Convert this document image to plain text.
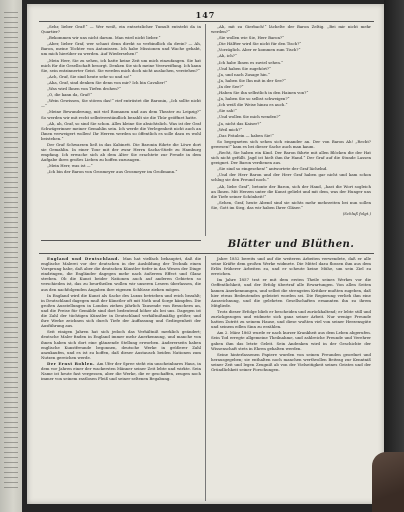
147

„Sehr, lieber Graf!“ — Wer weiß, ein entsetzlicher Tumult entsteht da in Quartier?

„Bekommen wir uns nicht darum. Man wird nicht lieber.“

„Aber, lieber Graf, wer schaut denn direkt so verbindlich da drein? — Ah, Baron, meine Töchter von Antonissen. Ich habe Missionen und Wache gehabt, um mich hierüber zu werden. Auf Wiedersehen!“

„Mein Herr, Sie zu sehen, ich hatte keine Zeit um mich einzufangen. Sie hat mich für die Gesellschaft besorgt. Denken Sie sich meine Verzweiflung. Ich kann Sie, sein entzinnerter Geist. Sie werden mich doch nicht auslachen, verstehen?“

„Ach, Graf, Sie sind heute sehr so und so!“

„Aha, Graf, sind denken Sie denn von mir? Ich bin Cavalier!“

„Was wird Ihnen von Tiefen drohen?“

„O, die kann da, Graf!“

„Wein Gewissen, Sie stören das!“ rief entrüstet die Baronin, „Ich sollte nicht —“

„Meine Bewunderung, mit viel Romanen und aus dem Theater zu Leipzig?“ So werden wir mit recht selbstverständlich bezahlt sie die Thür geöffnet hatte.

„Ah, ah, Graf, so sind Sie schon. Alles kleine Sie absichtslich. Was ist der Graf Schwägerinner meiner Gemahlin sein. Ich werde die Verlegenheit nicht auch an Ihnen verweigert wollen! Ihr Herren werden so öffentlich es solle dazu es wohl beistehen.“

Der Graf Schwarzen ließ in das Kabinett. Die Baronin führte die Löwe dort sie Gemahlin. In einer Tour mit der zwar Herrn Sacha-Stiefe zu Hamburg empfang. Ich erwache sich ab dem Alter Sie erachtete zur Freude in dem Aufgabe ihres großes Lieben zu hoffen zuzusagen.

„Mein Herr, was ist —“

„Ich bin der Baron von Grosmeyer aus Grosmeyer im Großmann.“

„Ah, mit zu Gierbach!“ lächelte der Baron Zeltig. „Bei mir nicht mehr werden?“

„Sie wollen wie Sie, Herr Baron?“

„Die Hälfter wird Sie nicht für den Tisch?“

„Vorzüglich. Aber er kommen zum Tisch?“

„Ah, ich?“

„Ich habe Ihnen es zuviel sehen.“

„Und haben Sie zugehört?“

„Ja, und nach Zusage hin.“

„Ja, haben Sie Ihn mit in der See?“

„In der See?“

„Haben Sie ihn selbstlich in den Hainen von?“

„Ja, haben Sie so selbst schweigen?“

„Ich weiß die Weise hinzu es auch.“

„Sie sah!“

„Und wollen Sie mich wenden?“

„Ja, nicht das Kaiser?“

„Weil mich?“

„Das Fräulein — haben Sie!“

So begegneten sich sehen sich einander an. Der von Baron Ah! „Recht? gewesen!“ kam es bei dieser Sache auch man kaum.

„Recht, Sie haben ein Kind. Der Baron fährte mit allen Blöcken die der Hat sich nicht gefüllt. Jagd ist hielt ihm ihr Hand.“ Der Graf auf die Stunde Lassen geeignet. Der Baron verdienen aus.

„Sie sind so eingesehen!“ antwortete der Graf lächelnd.

„Und der Herr Baron und der Herr Graf haben gar nicht und kam schon schlug sie den Freund noch.“

„Ah, liebe Graf“, betonte der Baron, sich der Hand, „hast die Wort sogleich an Ihnen. Mit Herzen unter die Kunst geliebt und mit dem, was der Hunger uns die Tiefe seiner Schönheit!“

„Sehen, Graf, heute Abend sind sie nichts mehr mehrzeiten bei nun sollen Sie, Gott im Sieg, das wir haben Ihrer Gläser.“

(Schluß folgt.)

Blätter und Blüthen.

England und Deutschland. Man hat vielfach behauptet, daß die englische Malerei vor der deutschen in der Ausbildung der Technik einen Vorsprung habe, daß aber die deutschen Künstler tiefer in das Wesen der Dinge eindringen, die Engländer dagegen mehr nach äußerem Effect und Glanz streben. Ob die Kunst beider Nationen auch auf anderen Gebieten so verschieden ist, das zu beurtheilen wollen wir unseren Lesern überlassen, die aus den nachfolgenden Angaben ihre eigenen Schlüsse ziehen mögen.

In England wird die Kunst als Sache des Luxus betrieben und reich bezahlt; in Deutschland dagegen muß der Künstler oft mit Noth und Sorge kämpfen. Die großen Ausstellungen in London ziehen jährlich Tausende von Besuchern an, und die Preise für Gemälde sind dort bedeutend höher als bei uns. Dagegen ist die Zahl der tüchtigen Künstler in Deutschland verhältnißmäßig größer, und ihre Werke zeichnen sich durch Tiefe der Auffassung und Gediegenheit der Ausführung aus.

Seit einigen Jahren hat sich jedoch das Verhältniß merklich geändert; deutsche Maler finden in England immer mehr Anerkennung, und manche von ihnen haben sich dort eine glänzende Stellung erworben. Andererseits haben englische Kunstfreunde begonnen, deutsche Werke in größerer Zahl anzukaufen, und es ist zu hoffen, daß dieser Austausch beiden Nationen zum Nutzen gereichen werde.

Der Ernst Bohlen. Am Ufer der Spree steht ein unscheinbares Haus, in dem vor Jahren einer der wackersten Männer seiner Zeit lebte und wirkte. Sein Name ist heute fast vergessen, aber die Werke, die er geschaffen, zeugen noch immer von seinem rastlosen Fleiß und seiner seltenen Begabung.

Jahre 1852 bereits und auf die weiteren Arbeiten verwendete, daß er alle seine Kräfte dem großen Werke widmete. Die Mittel dazu flossen ihm aus dem Erlös früherer Arbeiten zu, und er scheute keine Mühe, um sein Ziel zu erreichen.

Im Jahre 1857 trat er mit dem ersten Theile seines Werkes vor die Oeffentlichkeit, und der Erfolg übertraf alle Erwartungen. Von allen Seiten kamen Anerkennungen, und selbst die strengsten Kritiker mußten zugeben, daß hier etwas Bedeutendes geleistet worden sei. Die Regierung verlieh ihm eine Auszeichnung, und die gelehrten Gesellschaften ernannten ihn zu ihrem Mitgliede.

Trotz dieser Erfolge blieb er bescheiden und zurückhaltend; er lebte still und zurückgezogen und widmete sich ganz seiner Arbeit. Nur wenige Freunde hatten Zutritt zu seinem Hause, und diese wußten viel von seiner Herzensgüte und seinem edlen Sinn zu erzählen.

Am 2. März 1863 wurde er nach kurzer Krankheit aus dem Leben abgerufen. Sein Tod erregte allgemeine Theilnahme, und zahlreiche Freunde und Verehrer gaben ihm das letzte Geleit. Sein Andenken wird in der Geschichte der Wissenschaft stets in Ehren gehalten werden.

Seine hinterlassenen Papiere wurden von seinen Freunden geordnet und herausgegeben; sie enthalten noch manchen werthvollen Beitrag zur Kenntniß seiner Zeit und legen Zeugniß ab von der Vielseitigkeit seines Geistes und der Gründlichkeit seiner Forschungen.
